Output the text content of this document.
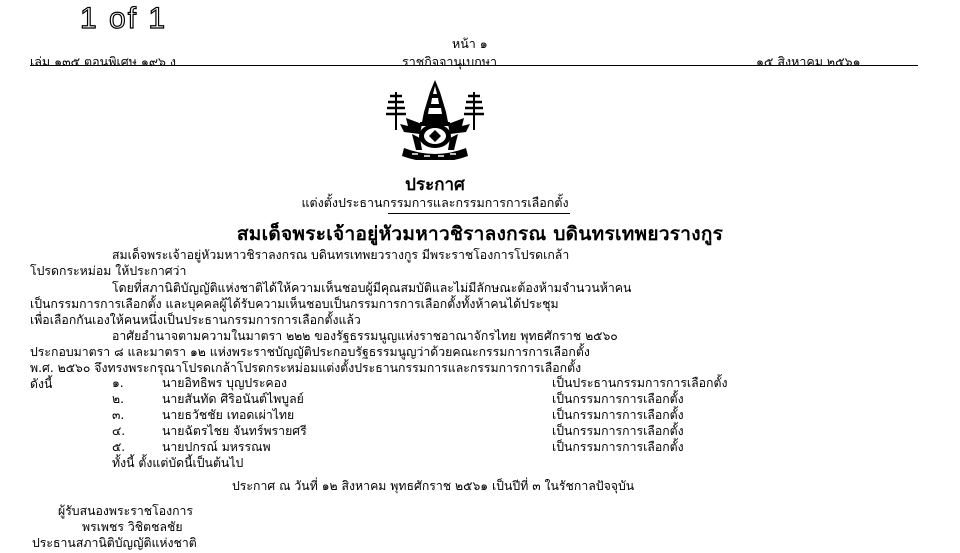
1 of 1
หน้า ๑
เล่ม ๑๓๕ ตอนพิเศษ ๑๙๖ ง	ราชกิจจานุเบกษา	๑๕ สิงหาคม ๒๕๖๑
ประกาศ
แต่งตั้งประธานกรรมการและกรรมการการเลือกตั้ง
สมเด็จพระเจ้าอยู่หัวมหาวชิราลงกรณ บดินทรเทพยวรางกูร
สมเด็จพระเจ้าอยู่หัวมหาวชิราลงกรณ บดินทรเทพยวรางกูร มีพระราชโองการโปรดเกล้า
โปรดกระหม่อม ให้ประกาศว่า
โดยที่สภานิติบัญญัติแห่งชาติได้ให้ความเห็นชอบผู้มีคุณสมบัติและไม่มีลักษณะต้องห้ามจำนวนห้าคน
เป็นกรรมการการเลือกตั้ง และบุคคลผู้ได้รับความเห็นชอบเป็นกรรมการการเลือกตั้งทั้งห้าคนได้ประชุม
เพื่อเลือกกันเองให้คนหนึ่งเป็นประธานกรรมการการเลือกตั้งแล้ว
อาศัยอำนาจตามความในมาตรา ๒๒๒ ของรัฐธรรมนูญแห่งราชอาณาจักรไทย พุทธศักราช ๒๕๖๐
ประกอบมาตรา ๘ และมาตรา ๑๒ แห่งพระราชบัญญัติประกอบรัฐธรรมนูญว่าด้วยคณะกรรมการการเลือกตั้ง
พ.ศ. ๒๕๖๐ จึงทรงพระกรุณาโปรดเกล้าโปรดกระหม่อมแต่งตั้งประธานกรรมการและกรรมการการเลือกตั้ง
ดังนี้	๑.	นายอิทธิพร บุญประคอง	เป็นประธานกรรมการการเลือกตั้ง
๒.	นายสันทัด ศิริอนันต์ไพบูลย์	เป็นกรรมการการเลือกตั้ง
๓.	นายธวัชชัย เทอดเผ่าไทย	เป็นกรรมการการเลือกตั้ง
๔.	นายฉัตรไชย จันทร์พรายศรี	เป็นกรรมการการเลือกตั้ง
๕.	นายปกรณ์ มหรรณพ	เป็นกรรมการการเลือกตั้ง
ทั้งนี้ ตั้งแต่บัดนี้เป็นต้นไป
ประกาศ ณ วันที่ ๑๒ สิงหาคม พุทธศักราช ๒๕๖๑ เป็นปีที่ ๓ ในรัชกาลปัจจุบัน
ผู้รับสนองพระราชโองการ
พรเพชร วิชิตชลชัย
ประธานสภานิติบัญญัติแห่งชาติ
